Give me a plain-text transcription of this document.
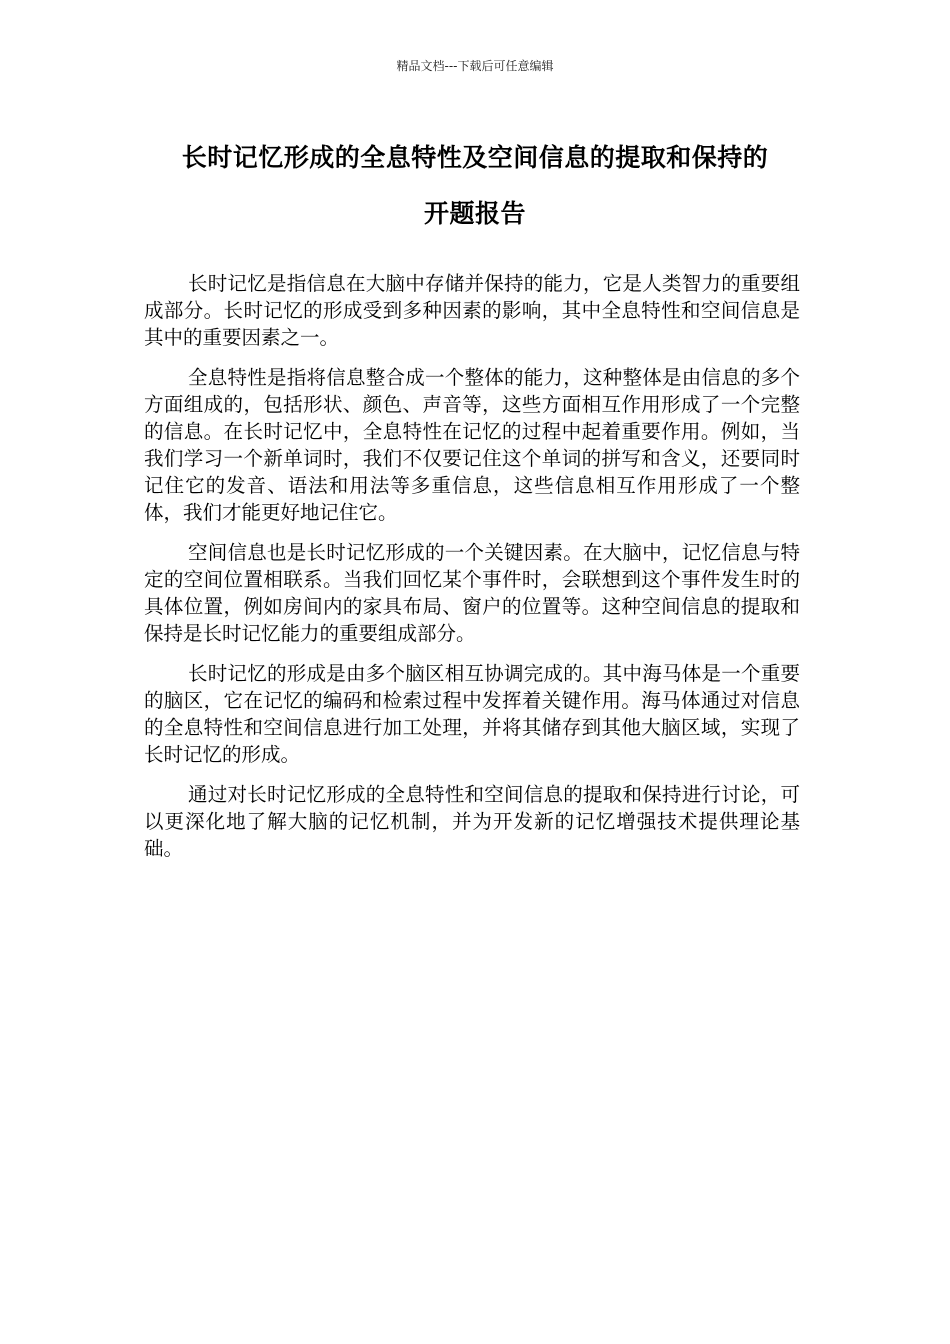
精品文档---下载后可任意编辑
长时记忆形成的全息特性及空间信息的提取和保持的
开题报告

长时记忆是指信息在大脑中存储并保持的能力，它是人类智力的重要组成部分。长时记忆的形成受到多种因素的影响，其中全息特性和空间信息是其中的重要因素之一。

全息特性是指将信息整合成一个整体的能力，这种整体是由信息的多个方面组成的，包括形状、颜色、声音等，这些方面相互作用形成了一个完整的信息。在长时记忆中，全息特性在记忆的过程中起着重要作用。例如，当我们学习一个新单词时，我们不仅要记住这个单词的拼写和含义，还要同时记住它的发音、语法和用法等多重信息，这些信息相互作用形成了一个整体，我们才能更好地记住它。

空间信息也是长时记忆形成的一个关键因素。在大脑中，记忆信息与特定的空间位置相联系。当我们回忆某个事件时，会联想到这个事件发生时的具体位置，例如房间内的家具布局、窗户的位置等。这种空间信息的提取和保持是长时记忆能力的重要组成部分。

长时记忆的形成是由多个脑区相互协调完成的。其中海马体是一个重要的脑区，它在记忆的编码和检索过程中发挥着关键作用。海马体通过对信息的全息特性和空间信息进行加工处理，并将其储存到其他大脑区域，实现了长时记忆的形成。

通过对长时记忆形成的全息特性和空间信息的提取和保持进行讨论，可以更深化地了解大脑的记忆机制，并为开发新的记忆增强技术提供理论基础。
